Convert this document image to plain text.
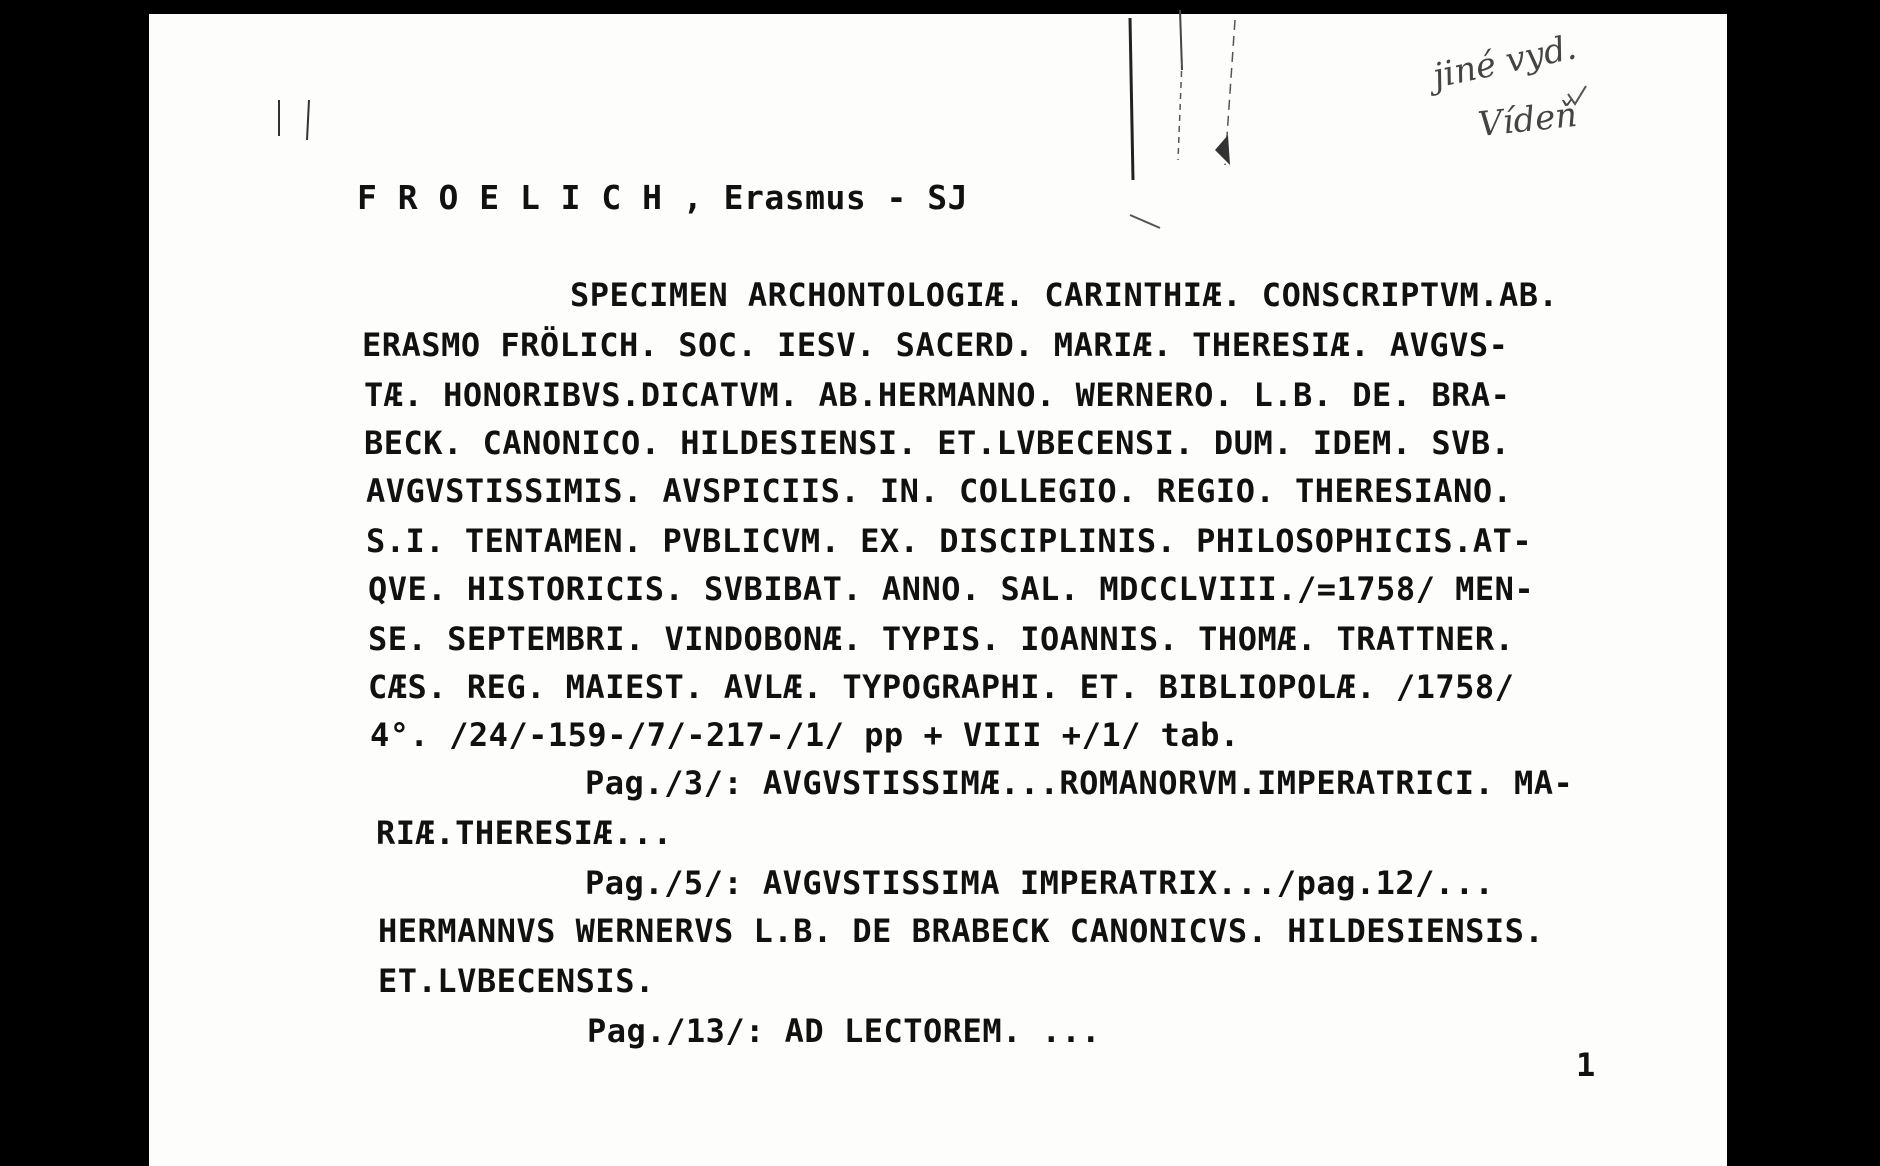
jiné vyd.
Vídeň
F R O E L I C H , Erasmus - SJ
SPECIMEN ARCHONTOLOGIÆ. CARINTHIÆ. CONSCRIPTVM.AB.
ERASMO FRÖLICH. SOC. IESV. SACERD. MARIÆ. THERESIÆ. AVGVS-
TÆ. HONORIBVS.DICATVM. AB.HERMANNO. WERNERO. L.B. DE. BRA-
BECK. CANONICO. HILDESIENSI. ET.LVBECENSI. DUM. IDEM. SVB.
AVGVSTISSIMIS. AVSPICIIS. IN. COLLEGIO. REGIO. THERESIANO.
S.I. TENTAMEN. PVBLICVM. EX. DISCIPLINIS. PHILOSOPHICIS.AT-
QVE. HISTORICIS. SVBIBAT. ANNO. SAL. MDCCLVIII./=1758/ MEN-
SE. SEPTEMBRI. VINDOBONÆ. TYPIS. IOANNIS. THOMÆ. TRATTNER.
CÆS. REG. MAIEST. AVLÆ. TYPOGRAPHI. ET. BIBLIOPOLÆ. /1758/
4°. /24/-159-/7/-217-/1/ pp + VIII +/1/ tab.
Pag./3/: AVGVSTISSIMÆ...ROMANORVM.IMPERATRICI. MA-
RIÆ.THERESIÆ...
Pag./5/: AVGVSTISSIMA IMPERATRIX.../pag.12/...
HERMANNVS WERNERVS L.B. DE BRABECK CANONICVS. HILDESIENSIS.
ET.LVBECENSIS.
Pag./13/: AD LECTOREM. ...
1
